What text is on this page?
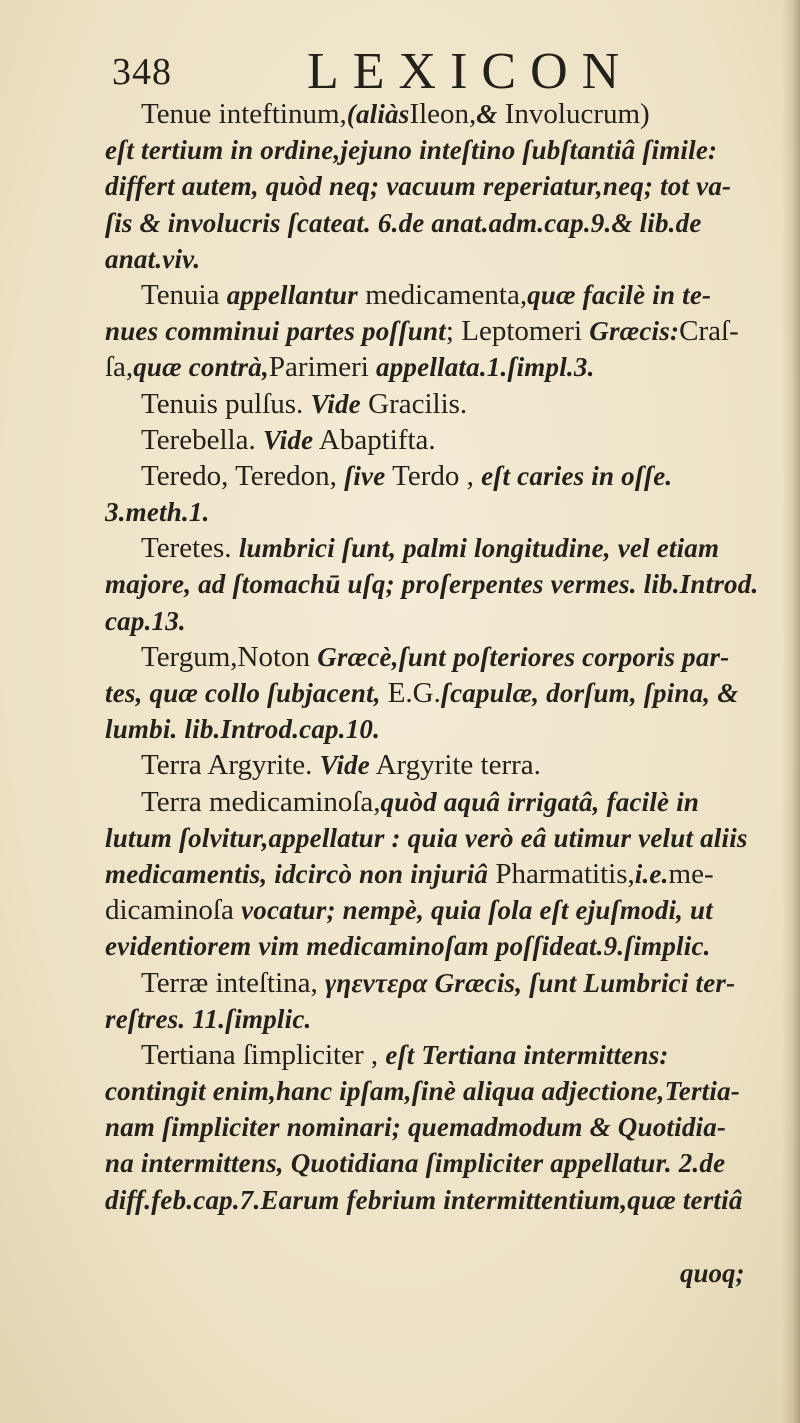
348	LEXICON
Tenue inteftinum,(aliàsIleon,& Involucrum)
eſt tertium in ordine,jejuno inteſtino ſubſtantiâ ſimile:
differt autem, quòd neq; vacuum reperiatur,neq; tot va-
ſis & involucris ſcateat. 6.de anat.adm.cap.9.& lib.de
anat.viv.
Tenuia appellantur medicamenta,quæ facilè in te-
nues comminui partes poſſunt; Leptomeri Græcis:Craſ-
ſa,quæ contrà,Parimeri appellata.1.ſimpl.3.
Tenuis pulſus. Vide Gracilis.
Terebella. Vide Abaptifta.
Teredo, Teredon, ſive Terdo , eſt caries in oſſe.
3.meth.1.
Teretes. lumbrici ſunt, palmi longitudine, vel etiam
majore, ad ſtomachū uſq; proſerpentes vermes. lib.Introd.
cap.13.
Tergum,Noton Græcè,ſunt poſteriores corporis par-
tes, quæ collo ſubjacent, E.G.ſcapulæ, dorſum, ſpina, &
lumbi. lib.Introd.cap.10.
Terra Argyrite. Vide Argyrite terra.
Terra medicaminoſa,quòd aquâ irrigatâ, facilè in
lutum ſolvitur,appellatur : quia verò eâ utimur velut aliis
medicamentis, idcircò non injuriâ Pharmatitis,i.e.me-
dicaminoſa vocatur; nempè, quia ſola eſt ejuſmodi, ut
evidentiorem vim medicaminoſam poſſideat.9.ſimplic.
Terræ inteſtina, γηεντερα Græcis, ſunt Lumbrici ter-
reſtres. 11.ſimplic.
Tertiana ſimpliciter , eſt Tertiana intermittens:
contingit enim,hanc ipſam,ſinè aliqua adjectione,Tertia-
nam ſimpliciter nominari; quemadmodum & Quotidia-
na intermittens, Quotidiana ſimpliciter appellatur. 2.de
diff.feb.cap.7.Earum febrium intermittentium,quæ tertiâ
quoq;
